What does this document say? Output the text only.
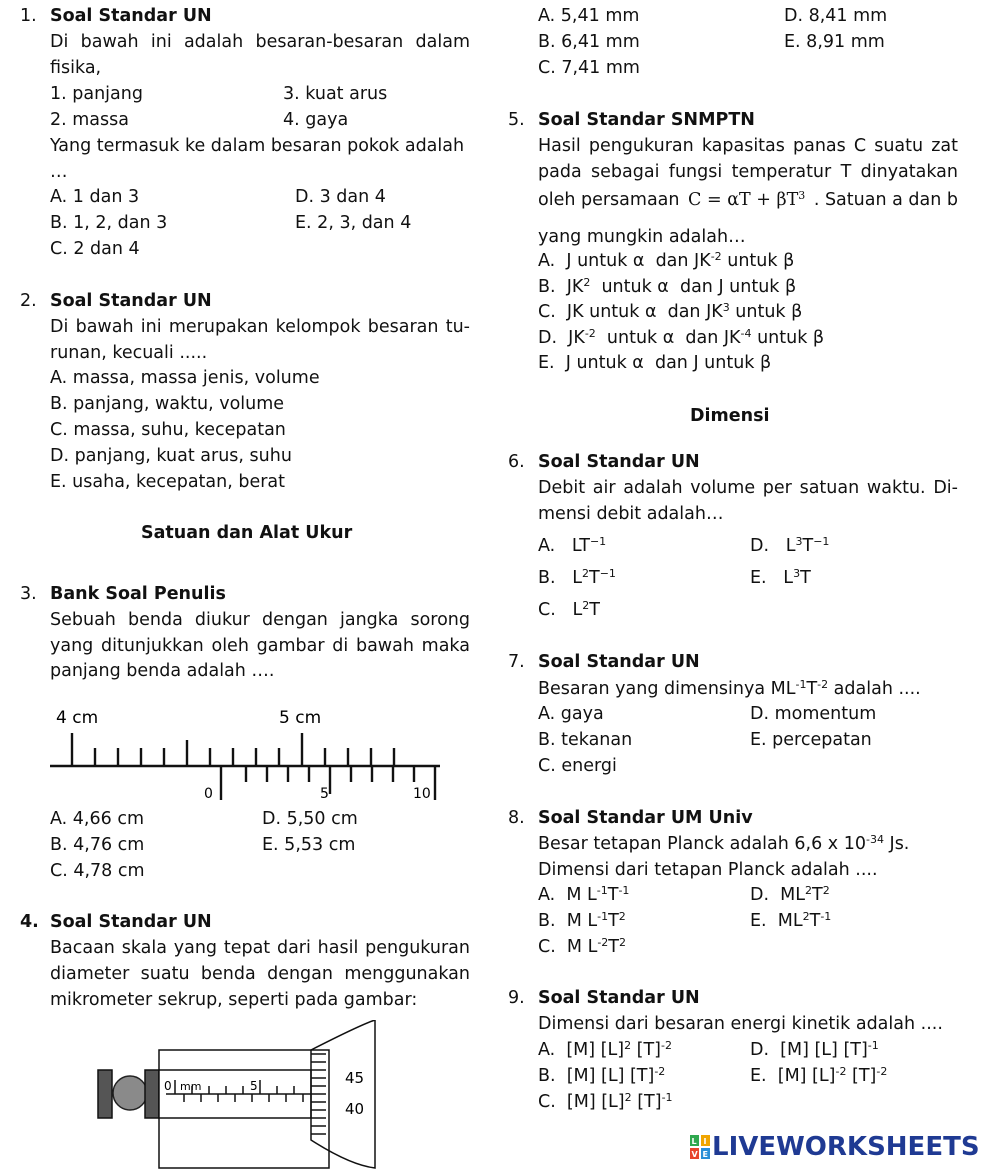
1. Soal Standar UN
Di bawah ini adalah besaran-besaran dalam
fisika,
1. panjang	3. kuat arus
2. massa	4. gaya
Yang termasuk ke dalam besaran pokok adalah
…
A. 1 dan 3	D. 3 dan 4
B. 1, 2, dan 3	E. 2, 3, dan 4
C. 2 dan 4
2. Soal Standar UN
Di bawah ini merupakan kelompok besaran tu-
runan, kecuali .....
A. massa, massa jenis, volume
B. panjang, waktu, volume
C. massa, suhu, kecepatan
D. panjang, kuat arus, suhu
E. usaha, kecepatan, berat
Satuan dan Alat Ukur
3. Bank Soal Penulis
Sebuah benda diukur dengan jangka sorong
yang ditunjukkan oleh gambar di bawah maka
panjang benda adalah ….
4 cm	5 cm
0	5	10
A. 4,66 cm	D. 5,50 cm
B. 4,76 cm	E. 5,53 cm
C. 4,78 cm
4. Soal Standar UN
Bacaan skala yang tepat dari hasil pengukuran
diameter suatu benda dengan menggunakan
mikrometer sekrup, seperti pada gambar:
0 mm	5	45
40
A. 5,41 mm	D. 8,41 mm
B. 6,41 mm	E. 8,91 mm
C. 7,41 mm
5. Soal Standar SNMPTN
Hasil pengukuran kapasitas panas C suatu zat
pada sebagai fungsi temperatur T dinyatakan
oleh persamaan $C = \alpha T + \beta T^3$ . Satuan a dan b
yang mungkin adalah…
A.  J untuk α  dan $JK^{-2}$ untuk β
B.  $JK^2$  untuk α  dan J untuk β
C.  JK untuk α  dan $JK^3$ untuk β
D.  $JK^{-2}$  untuk α  dan $JK^{-4}$ untuk β
E.  J untuk α  dan J untuk β
Dimensi
6. Soal Standar UN
Debit air adalah volume per satuan waktu. Di-
mensi debit adalah…
A.   $LT^{-1}$	D.   $L^3T^{-1}$
B.   $L^2T^{-1}$	E.   $L^3T$
C.   $L^2T$
7. Soal Standar UN
Besaran yang dimensinya $ML^{-1}T^{-2}$ adalah ....
A. gaya	D. momentum
B. tekanan	E. percepatan
C. energi
8. Soal Standar UM Univ
Besar tetapan Planck adalah 6,6 x $10^{-34}$ Js.
Dimensi dari tetapan Planck adalah ....
A.  M $L^{-1}T^{-1}$	D.  $ML^2T^2$
B.  M $L^{-1}T^2$	E.  $ML^2T^{-1}$
C.  M $L^{-2}T^2$
9. Soal Standar UN
Dimensi dari besaran energi kinetik adalah ....
A.  [M] $[L]^2$ $[T]^{-2}$	D.  [M] [L] $[T]^{-1}$
B.  [M] [L] $[T]^{-2}$	E.  [M] $[L]^{-2}$ $[T]^{-2}$
C.  [M] $[L]^2$ $[T]^{-1}$
L I
V E LIVEWORKSHEETS
